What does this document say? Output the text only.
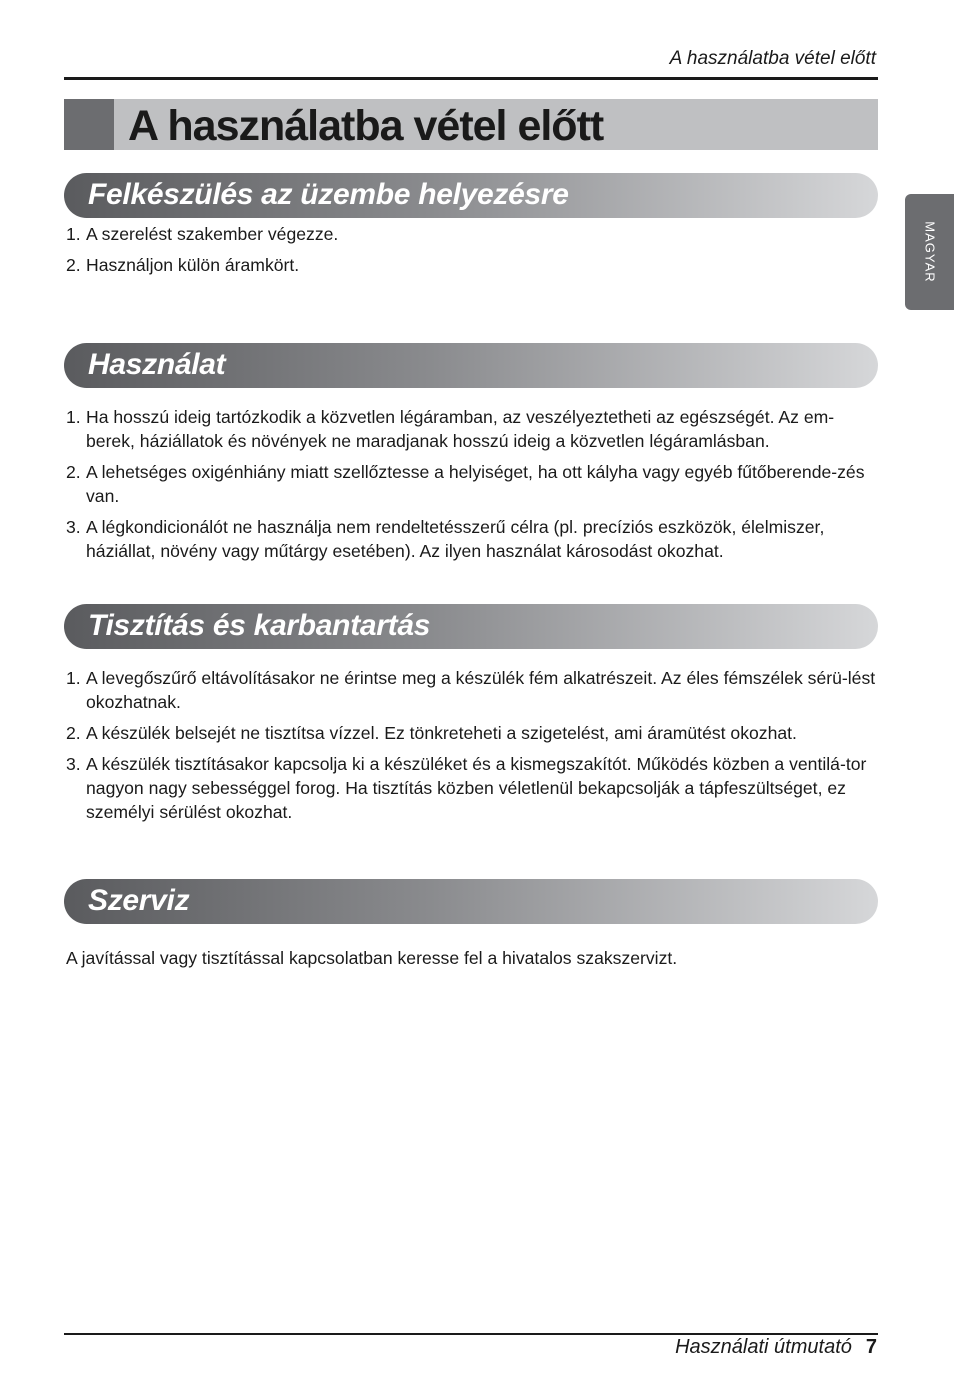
A használatba vétel előtt
A használatba vétel előtt
MAGYAR
Felkészülés az üzembe helyezésre
1. A szerelést szakember végezze.
2. Használjon külön áramkört.
Használat
1. Ha hosszú ideig tartózkodik a közvetlen légáramban, az veszélyeztetheti az egészségét. Az em-berek, háziállatok és növények ne maradjanak hosszú ideig a közvetlen légáramlásban.
2. A lehetséges oxigénhiány miatt szellőztesse a helyiséget, ha ott kályha vagy egyéb fűtőberende-zés van.
3. A légkondicionálót ne használja nem rendeltetésszerű célra (pl. precíziós eszközök, élelmiszer, háziállat, növény vagy műtárgy esetében). Az ilyen használat károsodást okozhat.
Tisztítás és karbantartás
1. A levegőszűrő eltávolításakor ne érintse meg a készülék fém alkatrészeit. Az éles fémszélek sérü-lést okozhatnak.
2. A készülék belsejét ne tisztítsa vízzel. Ez tönkreteheti a szigetelést, ami áramütést okozhat.
3. A készülék tisztításakor kapcsolja ki a készüléket és a kismegszakítót. Működés közben a ventilá-tor nagyon nagy sebességgel forog. Ha tisztítás közben véletlenül bekapcsolják a tápfeszültséget, ez személyi sérülést okozhat.
Szerviz

A javítással vagy tisztítással kapcsolatban keresse fel a hivatalos szakszervizt.

Használati útmutató 7
